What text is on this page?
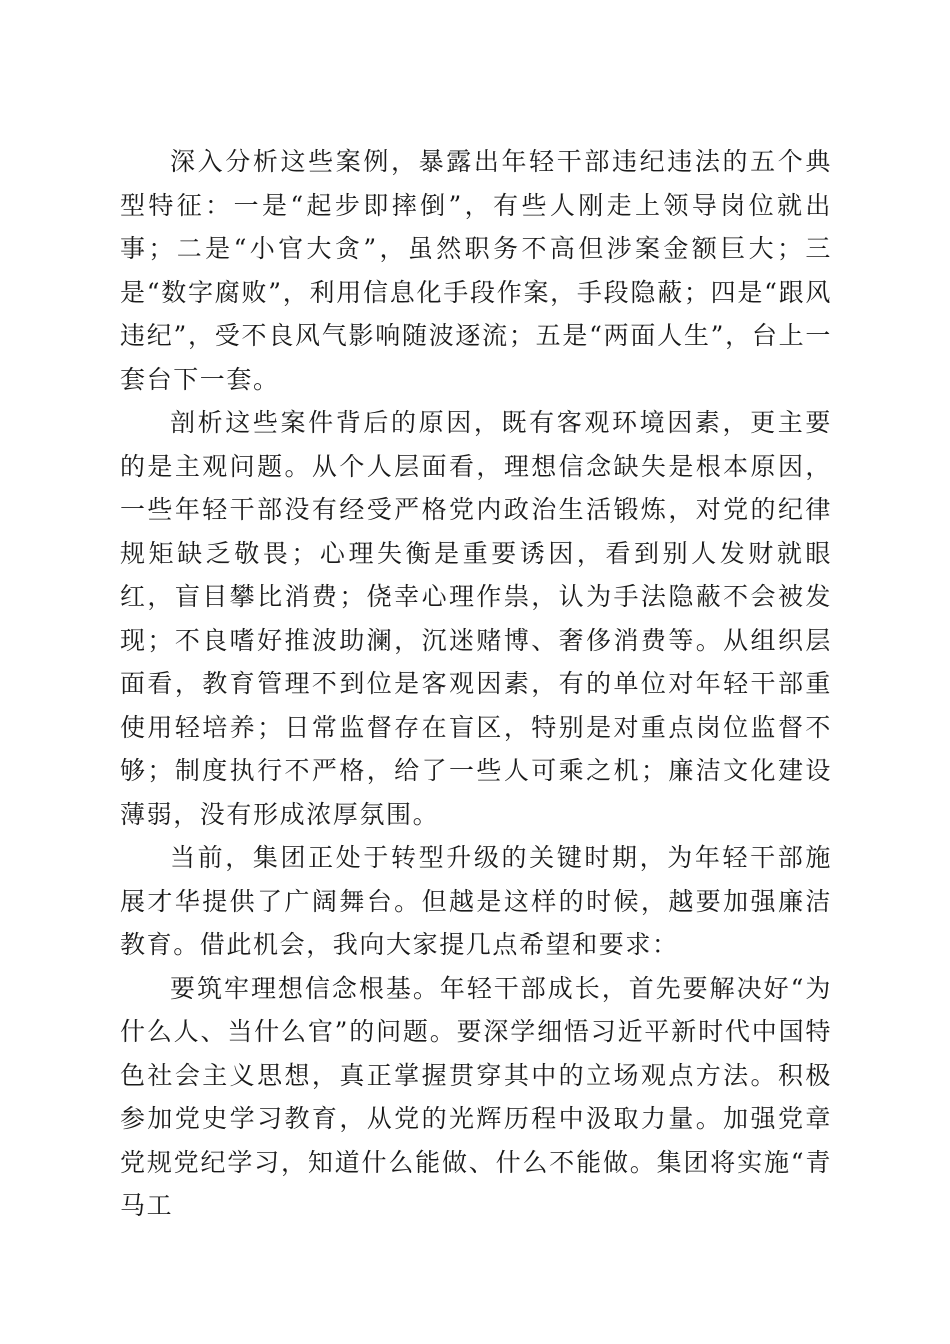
深入分析这些案例，暴露出年轻干部违纪违法的五个典型特征：一是“起步即摔倒”，有些人刚走上领导岗位就出事；二是“小官大贪”，虽然职务不高但涉案金额巨大；三是“数字腐败”，利用信息化手段作案，手段隐蔽；四是“跟风违纪”，受不良风气影响随波逐流；五是“两面人生”，台上一套台下一套。

剖析这些案件背后的原因，既有客观环境因素，更主要的是主观问题。从个人层面看，理想信念缺失是根本原因，一些年轻干部没有经受严格党内政治生活锻炼，对党的纪律规矩缺乏敬畏；心理失衡是重要诱因，看到别人发财就眼红，盲目攀比消费；侥幸心理作祟，认为手法隐蔽不会被发现；不良嗜好推波助澜，沉迷赌博、奢侈消费等。从组织层面看，教育管理不到位是客观因素，有的单位对年轻干部重使用轻培养；日常监督存在盲区，特别是对重点岗位监督不够；制度执行不严格，给了一些人可乘之机；廉洁文化建设薄弱，没有形成浓厚氛围。

当前，集团正处于转型升级的关键时期，为年轻干部施展才华提供了广阔舞台。但越是这样的时候，越要加强廉洁教育。借此机会，我向大家提几点希望和要求：

要筑牢理想信念根基。年轻干部成长，首先要解决好“为什么人、当什么官”的问题。要深学细悟习近平新时代中国特色社会主义思想，真正掌握贯穿其中的立场观点方法。积极参加党史学习教育，从党的光辉历程中汲取力量。加强党章党规党纪学习，知道什么能做、什么不能做。集团将实施“青马工
